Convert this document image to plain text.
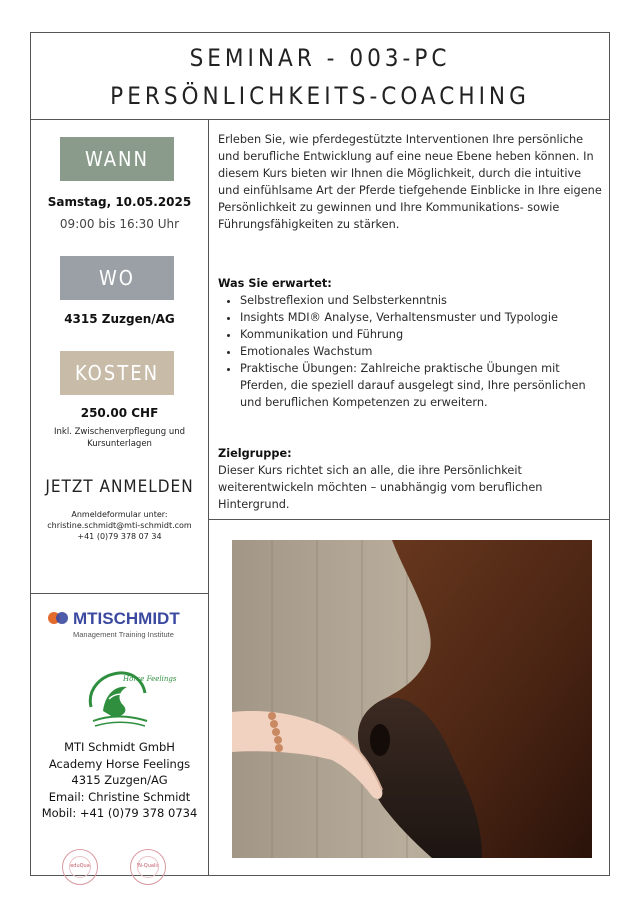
SEMINAR - 003-PC
PERSÖNLICHKEITS-COACHING
WANN
Samstag, 10.05.2025
09:00 bis 16:30 Uhr
WO
4315 Zuzgen/AG
KOSTEN
250.00 CHF
Inkl. Zwischenverpflegung und
Kursunterlagen
JETZT ANMELDEN
Anmeldeformular unter:
christine.schmidt@mti-schmidt.com
+41 (0)79 378 07 34
MTISCHMIDT
Management Training Institute
Horse Feelings
MTI Schmidt GmbH
Academy Horse Feelings
4315 Zuzgen/AG
Email: Christine Schmidt
Mobil: +41 (0)79 378 0734
eduQua	IN-Qualis
Erleben Sie, wie pferdegestützte Interventionen Ihre persönliche und berufliche Entwicklung auf eine neue Ebene heben können. In diesem Kurs bieten wir Ihnen die Möglichkeit, durch die intuitive und einfühlsame Art der Pferde tiefgehende Einblicke in Ihre eigene Persönlichkeit zu gewinnen und Ihre Kommunikations- sowie Führungsfähigkeiten zu stärken.
Was Sie erwartet:
• Selbstreflexion und Selbsterkenntnis
• Insights MDI® Analyse, Verhaltensmuster und Typologie
• Kommunikation und Führung
• Emotionales Wachstum
• Praktische Übungen: Zahlreiche praktische Übungen mit Pferden, die speziell darauf ausgelegt sind, Ihre persönlichen und beruflichen Kompetenzen zu erweitern.
Zielgruppe:
Dieser Kurs richtet sich an alle, die ihre Persönlichkeit weiterentwickeln möchten – unabhängig vom beruflichen Hintergrund.
